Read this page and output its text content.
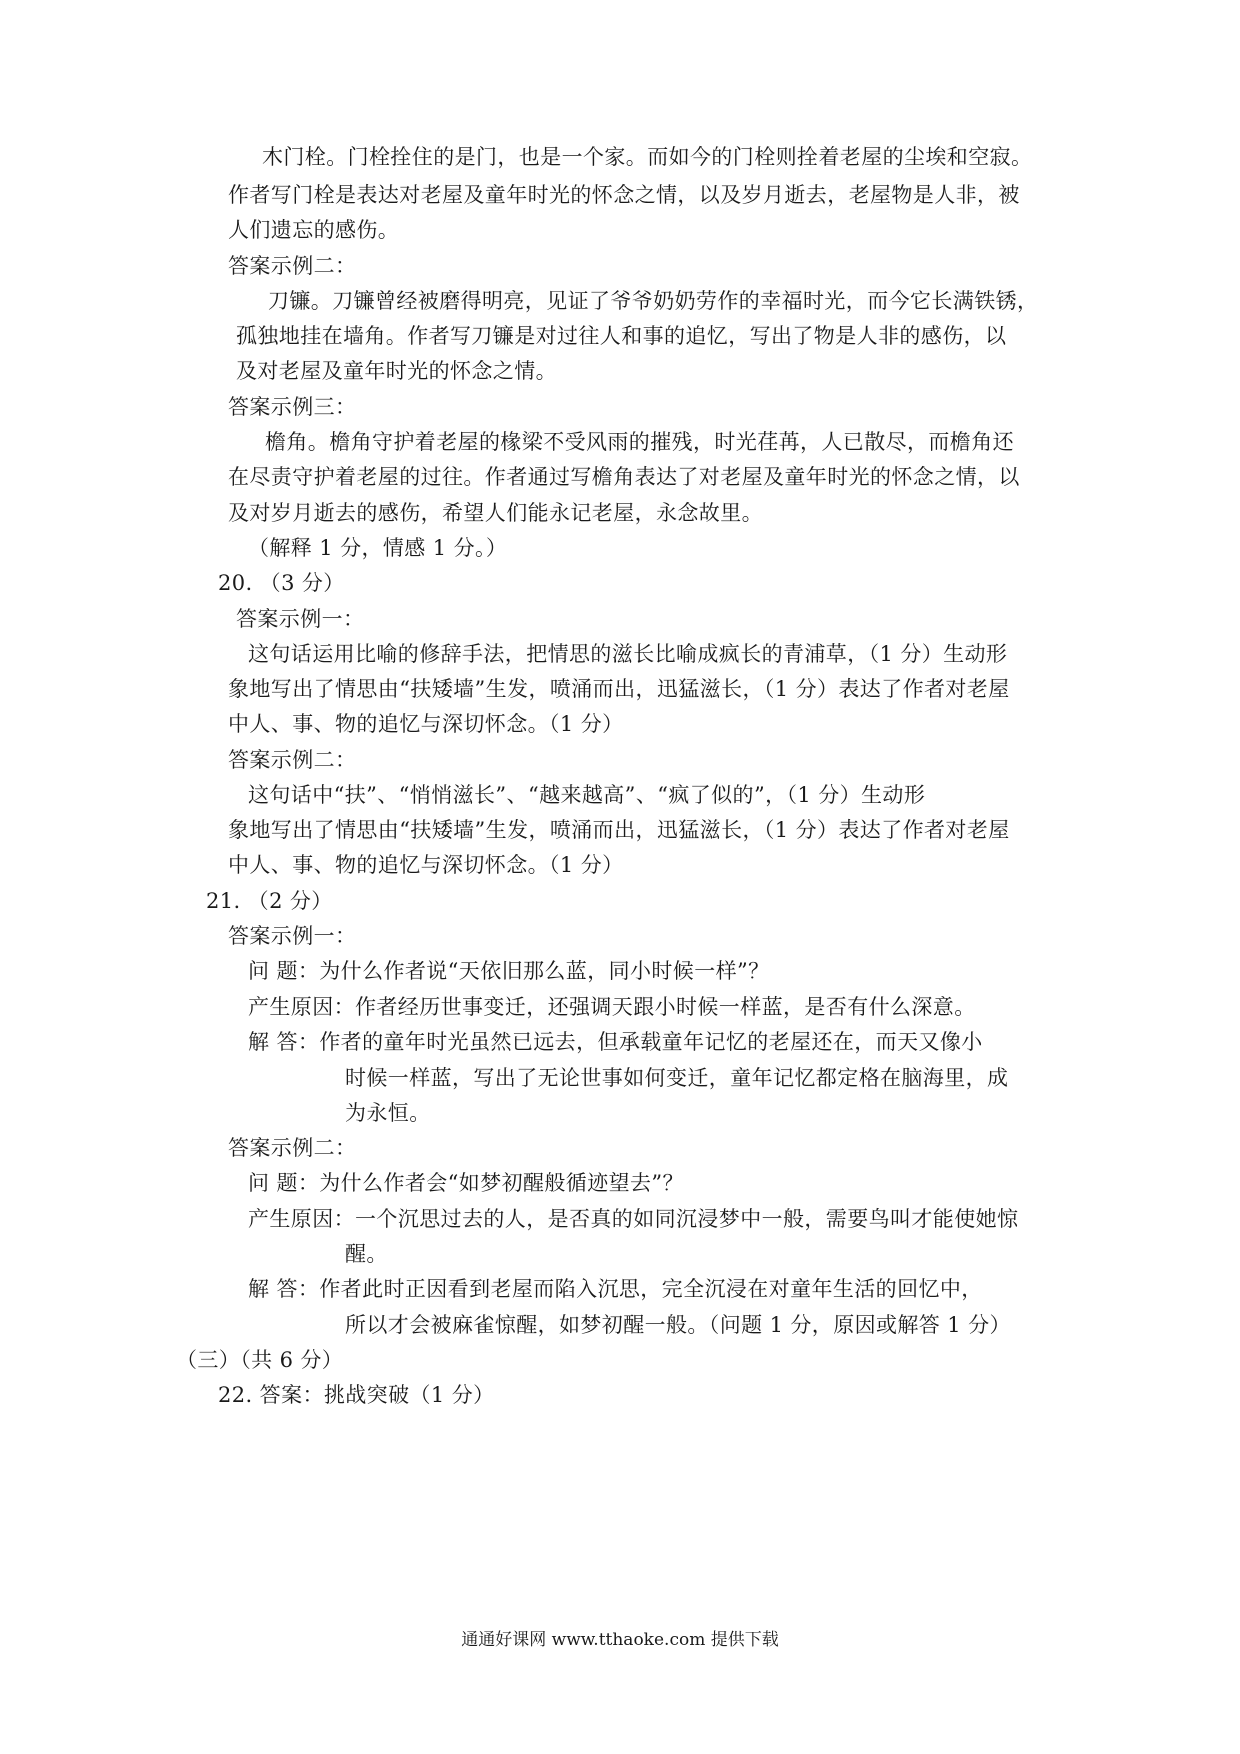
木门栓。门栓拴住的是门，也是一个家。而如今的门栓则拴着老屋的尘埃和空寂。
作者写门栓是表达对老屋及童年时光的怀念之情，以及岁月逝去，老屋物是人非，被
人们遗忘的感伤。
答案示例二：
刀镰。刀镰曾经被磨得明亮，见证了爷爷奶奶劳作的幸福时光，而今它长满铁锈，
孤独地挂在墙角。作者写刀镰是对过往人和事的追忆，写出了物是人非的感伤，以
及对老屋及童年时光的怀念之情。
答案示例三：
檐角。檐角守护着老屋的椽梁不受风雨的摧残，时光荏苒，人已散尽，而檐角还
在尽责守护着老屋的过往。作者通过写檐角表达了对老屋及童年时光的怀念之情，以
及对岁月逝去的感伤，希望人们能永记老屋，永念故里。
（解释 1 分，情感 1 分。）
20. （3 分）
答案示例一：
这句话运用比喻的修辞手法，把情思的滋长比喻成疯长的青浦草，（1 分）生动形
象地写出了情思由“扶矮墙”生发，喷涌而出，迅猛滋长，（1 分）表达了作者对老屋
中人、事、物的追忆与深切怀念。（1 分）
答案示例二：
这句话中“扶”、“悄悄滋长”、“越来越高”、“疯了似的”，（1 分）生动形
象地写出了情思由“扶矮墙”生发，喷涌而出，迅猛滋长，（1 分）表达了作者对老屋
中人、事、物的追忆与深切怀念。（1 分）
21. （2 分）
答案示例一：
问 题：为什么作者说“天依旧那么蓝，同小时候一样”？
产生原因：作者经历世事变迁，还强调天跟小时候一样蓝，是否有什么深意。
解 答：作者的童年时光虽然已远去，但承载童年记忆的老屋还在，而天又像小
时候一样蓝，写出了无论世事如何变迁，童年记忆都定格在脑海里，成
为永恒。
答案示例二：
问 题：为什么作者会“如梦初醒般循迹望去”？
产生原因：一个沉思过去的人，是否真的如同沉浸梦中一般，需要鸟叫才能使她惊
醒。
解 答：作者此时正因看到老屋而陷入沉思，完全沉浸在对童年生活的回忆中，
所以才会被麻雀惊醒，如梦初醒一般。（问题 1 分，原因或解答 1 分）
（三）（共 6 分）
22. 答案：挑战突破（1 分）
通通好课网 www.tthaoke.com 提供下载
